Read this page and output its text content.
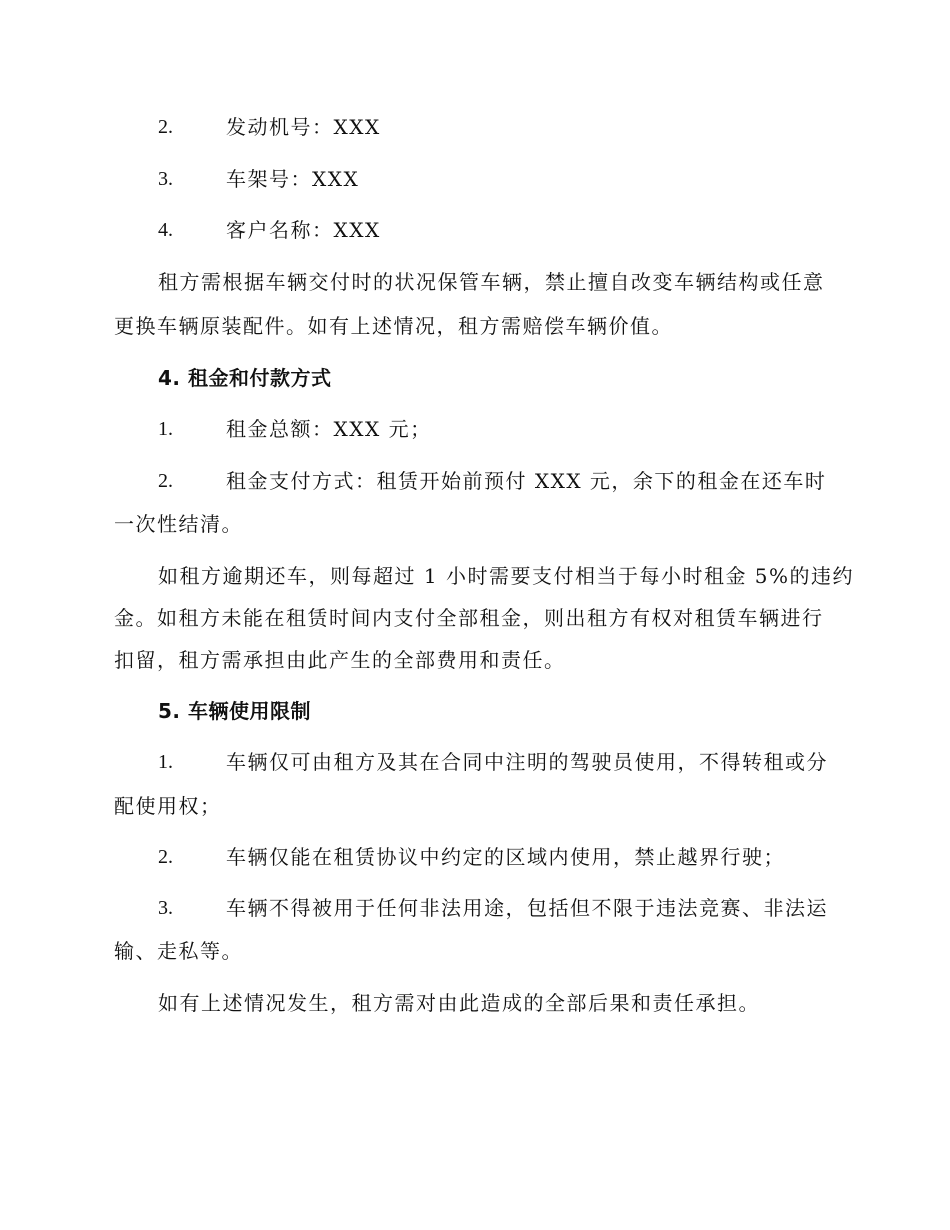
2.	发动机号：XXX
3.	车架号：XXX
4.	客户名称：XXX
租方需根据车辆交付时的状况保管车辆，禁止擅自改变车辆结构或任意
更换车辆原装配件。如有上述情况，租方需赔偿车辆价值。
4. 租金和付款方式
1.	租金总额：XXX 元；
2.	租金支付方式：租赁开始前预付 XXX 元，余下的租金在还车时
一次性结清。
如租方逾期还车，则每超过 1 小时需要支付相当于每小时租金 5%的违约
金。如租方未能在租赁时间内支付全部租金，则出租方有权对租赁车辆进行
扣留，租方需承担由此产生的全部费用和责任。
5. 车辆使用限制
1.	车辆仅可由租方及其在合同中注明的驾驶员使用，不得转租或分
配使用权；
2.	车辆仅能在租赁协议中约定的区域内使用，禁止越界行驶；
3.	车辆不得被用于任何非法用途，包括但不限于违法竞赛、非法运
输、走私等。
如有上述情况发生，租方需对由此造成的全部后果和责任承担。
